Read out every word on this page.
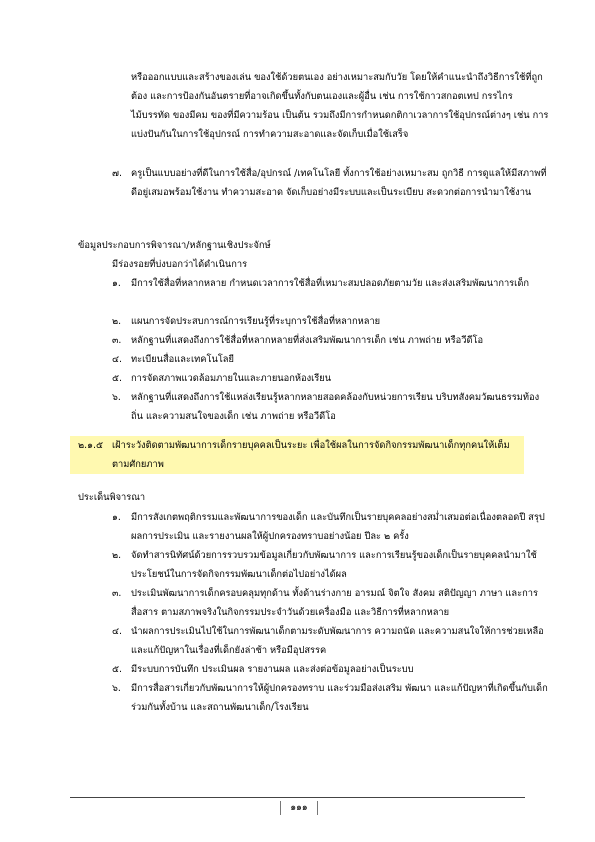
หรือออกแบบและสร้างของเล่น ของใช้ด้วยตนเอง อย่างเหมาะสมกับวัย โดยให้คำแนะนำถึงวิธีการใช้ที่ถูกต้อง และการป้องกันอันตรายที่อาจเกิดขึ้นทั้งกับตนเองและผู้อื่น เช่น การใช้กาวสกอตเทป กรรไกร ไม้บรรทัด ของมีคม ของที่มีความร้อน เป็นต้น รวมถึงมีการกำหนดกติกาเวลาการใช้อุปกรณ์ต่างๆ เช่น การแบ่งปันกันในการใช้อุปกรณ์ การทำความสะอาดและจัดเก็บเมื่อใช้เสร็จ
๗. ครูเป็นแบบอย่างที่ดีในการใช้สื่อ/อุปกรณ์ /เทคโนโลยี ทั้งการใช้อย่างเหมาะสม ถูกวิธี การดูแลให้มีสภาพที่ดีอยู่เสมอพร้อมใช้งาน ทำความสะอาด จัดเก็บอย่างมีระบบและเป็นระเบียบ สะดวกต่อการนำมาใช้งาน
ข้อมูลประกอบการพิจารณา/หลักฐานเชิงประจักษ์
มีร่องรอยที่บ่งบอกว่าได้ดำเนินการ
๑.	มีการใช้สื่อที่หลากหลาย กำหนดเวลาการใช้สื่อที่เหมาะสมปลอดภัยตามวัย และส่งเสริมพัฒนาการเด็ก
๒.	แผนการจัดประสบการณ์การเรียนรู้ที่ระบุการใช้สื่อที่หลากหลาย
๓.	หลักฐานที่แสดงถึงการใช้สื่อที่หลากหลายที่ส่งเสริมพัฒนาการเด็ก เช่น ภาพถ่าย หรือวีดีโอ
๔. ทะเบียนสื่อและเทคโนโลยี
๕. การจัดสภาพแวดล้อมภายในและภายนอกห้องเรียน
๖.	หลักฐานที่แสดงถึงการใช้แหล่งเรียนรู้หลากหลายสอดคล้องกับหน่วยการเรียน บริบทสังคมวัฒนธรรมท้องถิ่น และความสนใจของเด็ก เช่น ภาพถ่าย หรือวีดีโอ
๒.๑.๕ เฝ้าระวังติดตามพัฒนาการเด็กรายบุคคลเป็นระยะ เพื่อใช้ผลในการจัดกิจกรรมพัฒนาเด็กทุกคนให้เต็มตามศักยภาพ
ประเด็นพิจารณา
๑.	มีการสังเกตพฤติกรรมและพัฒนาการของเด็ก และบันทึกเป็นรายบุคคลอย่างสม่ำเสมอต่อเนื่องตลอดปี สรุปผลการประเมิน และรายงานผลให้ผู้ปกครองทราบอย่างน้อย ปีละ ๒ ครั้ง
๒.	จัดทำสารนิทัศน์ด้วยการรวบรวมข้อมูลเกี่ยวกับพัฒนาการ และการเรียนรู้ของเด็กเป็นรายบุคคลนำมาใช้ประโยชน์ในการจัดกิจกรรมพัฒนาเด็กต่อไปอย่างได้ผล
๓.	ประเมินพัฒนาการเด็กครอบคลุมทุกด้าน ทั้งด้านร่างกาย อารมณ์ จิตใจ สังคม สติปัญญา ภาษา และการสื่อสาร ตามสภาพจริงในกิจกรรมประจำวันด้วยเครื่องมือ และวิธีการที่หลากหลาย
๔. นำผลการประเมินไปใช้ในการพัฒนาเด็กตามระดับพัฒนาการ ความถนัด และความสนใจให้การช่วยเหลือ และแก้ปัญหาในเรื่องที่เด็กยังล่าช้า หรือมีอุปสรรค
๕. มีระบบการบันทึก ประเมินผล รายงานผล และส่งต่อข้อมูลอย่างเป็นระบบ
๖.	มีการสื่อสารเกี่ยวกับพัฒนาการให้ผู้ปกครองทราบ และร่วมมือส่งเสริม พัฒนา และแก้ปัญหาที่เกิดขึ้นกับเด็ก ร่วมกันทั้งบ้าน และสถานพัฒนาเด็ก/โรงเรียน
๑๑๑
